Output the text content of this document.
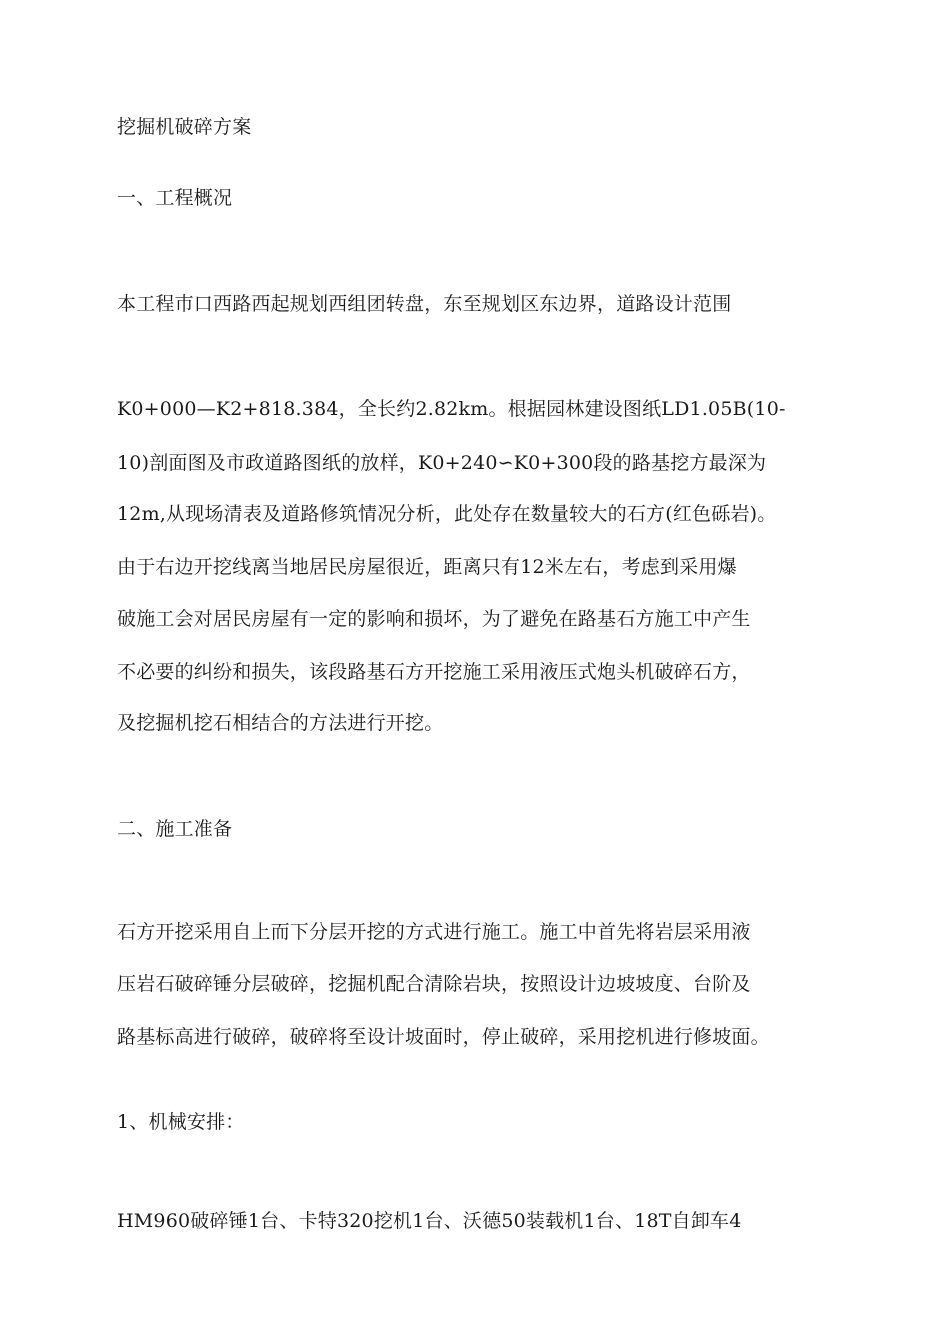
挖掘机破碎方案
一、工程概况
本工程巿口西路西起规划西组团转盘，东至规划区东边界，道路设计范围
K0+000—K2+818.384，全长约2.82km。根据园林建设图纸LD1.05B(10-
10)剖面图及市政道路图纸的放样，K0+240∽K0+300段的路基挖方最深为
12m,从现场清表及道路修筑情况分析，此处存在数量较大的石方(红色砾岩)。
由于右边开挖线离当地居民房屋很近，距离只有12米左右，考虑到采用爆
破施工会对居民房屋有一定的影响和损坏，为了避免在路基石方施工中产生
不必要的纠纷和损失，该段路基石方开挖施工采用液压式炮头机破碎石方，
及挖掘机挖石相结合的方法进行开挖。
二、施工准备
石方开挖采用自上而下分层开挖的方式进行施工。施工中首先将岩层采用液
压岩石破碎锤分层破碎，挖掘机配合清除岩块，按照设计边坡坡度、台阶及
路基标高进行破碎，破碎将至设计坡面时，停止破碎，采用挖机进行修坡面。
1、机械安排：
HM960破碎锤1台、卡特320挖机1台、沃德50装载机1台、18T自卸车4
